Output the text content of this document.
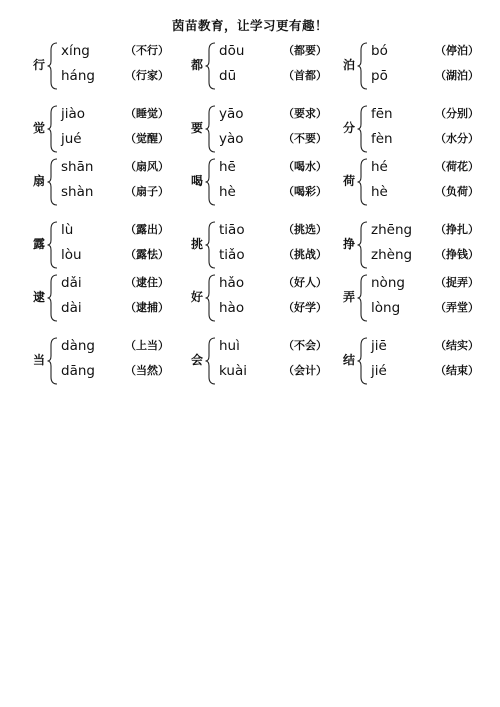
茵苗教育，让学习更有趣！
行
xíng	（不行）
háng	（行家）
都
dōu	（都要）
dū	（首都）
泊
bó	（停泊）
pō	（湖泊）
觉
jiào	（睡觉）
jué	（觉醒）
要
yāo	（要求）
yào	（不要）
分
fēn	（分别）
fèn	（水分）
扇
shān	（扇风）
shàn	（扇子）
喝
hē	（喝水）
hè	（喝彩）
荷
hé	（荷花）
hè	（负荷）
露
lù	（露出）
lòu	（露怯）
挑
tiāo	（挑选）
tiǎo	（挑战）
挣
zhēng （挣扎）
zhèng （挣钱）
逮
dǎi	（逮住）
dài	（逮捕）
好
hǎo	（好人）
hào	（好学）
弄
nòng	（捉弄）
lòng	（弄堂）
当
dàng	（上当）
dāng	（当然）
会
huì	（不会）
kuài	（会计）
结
jiē	（结实）
jié	（结束）
